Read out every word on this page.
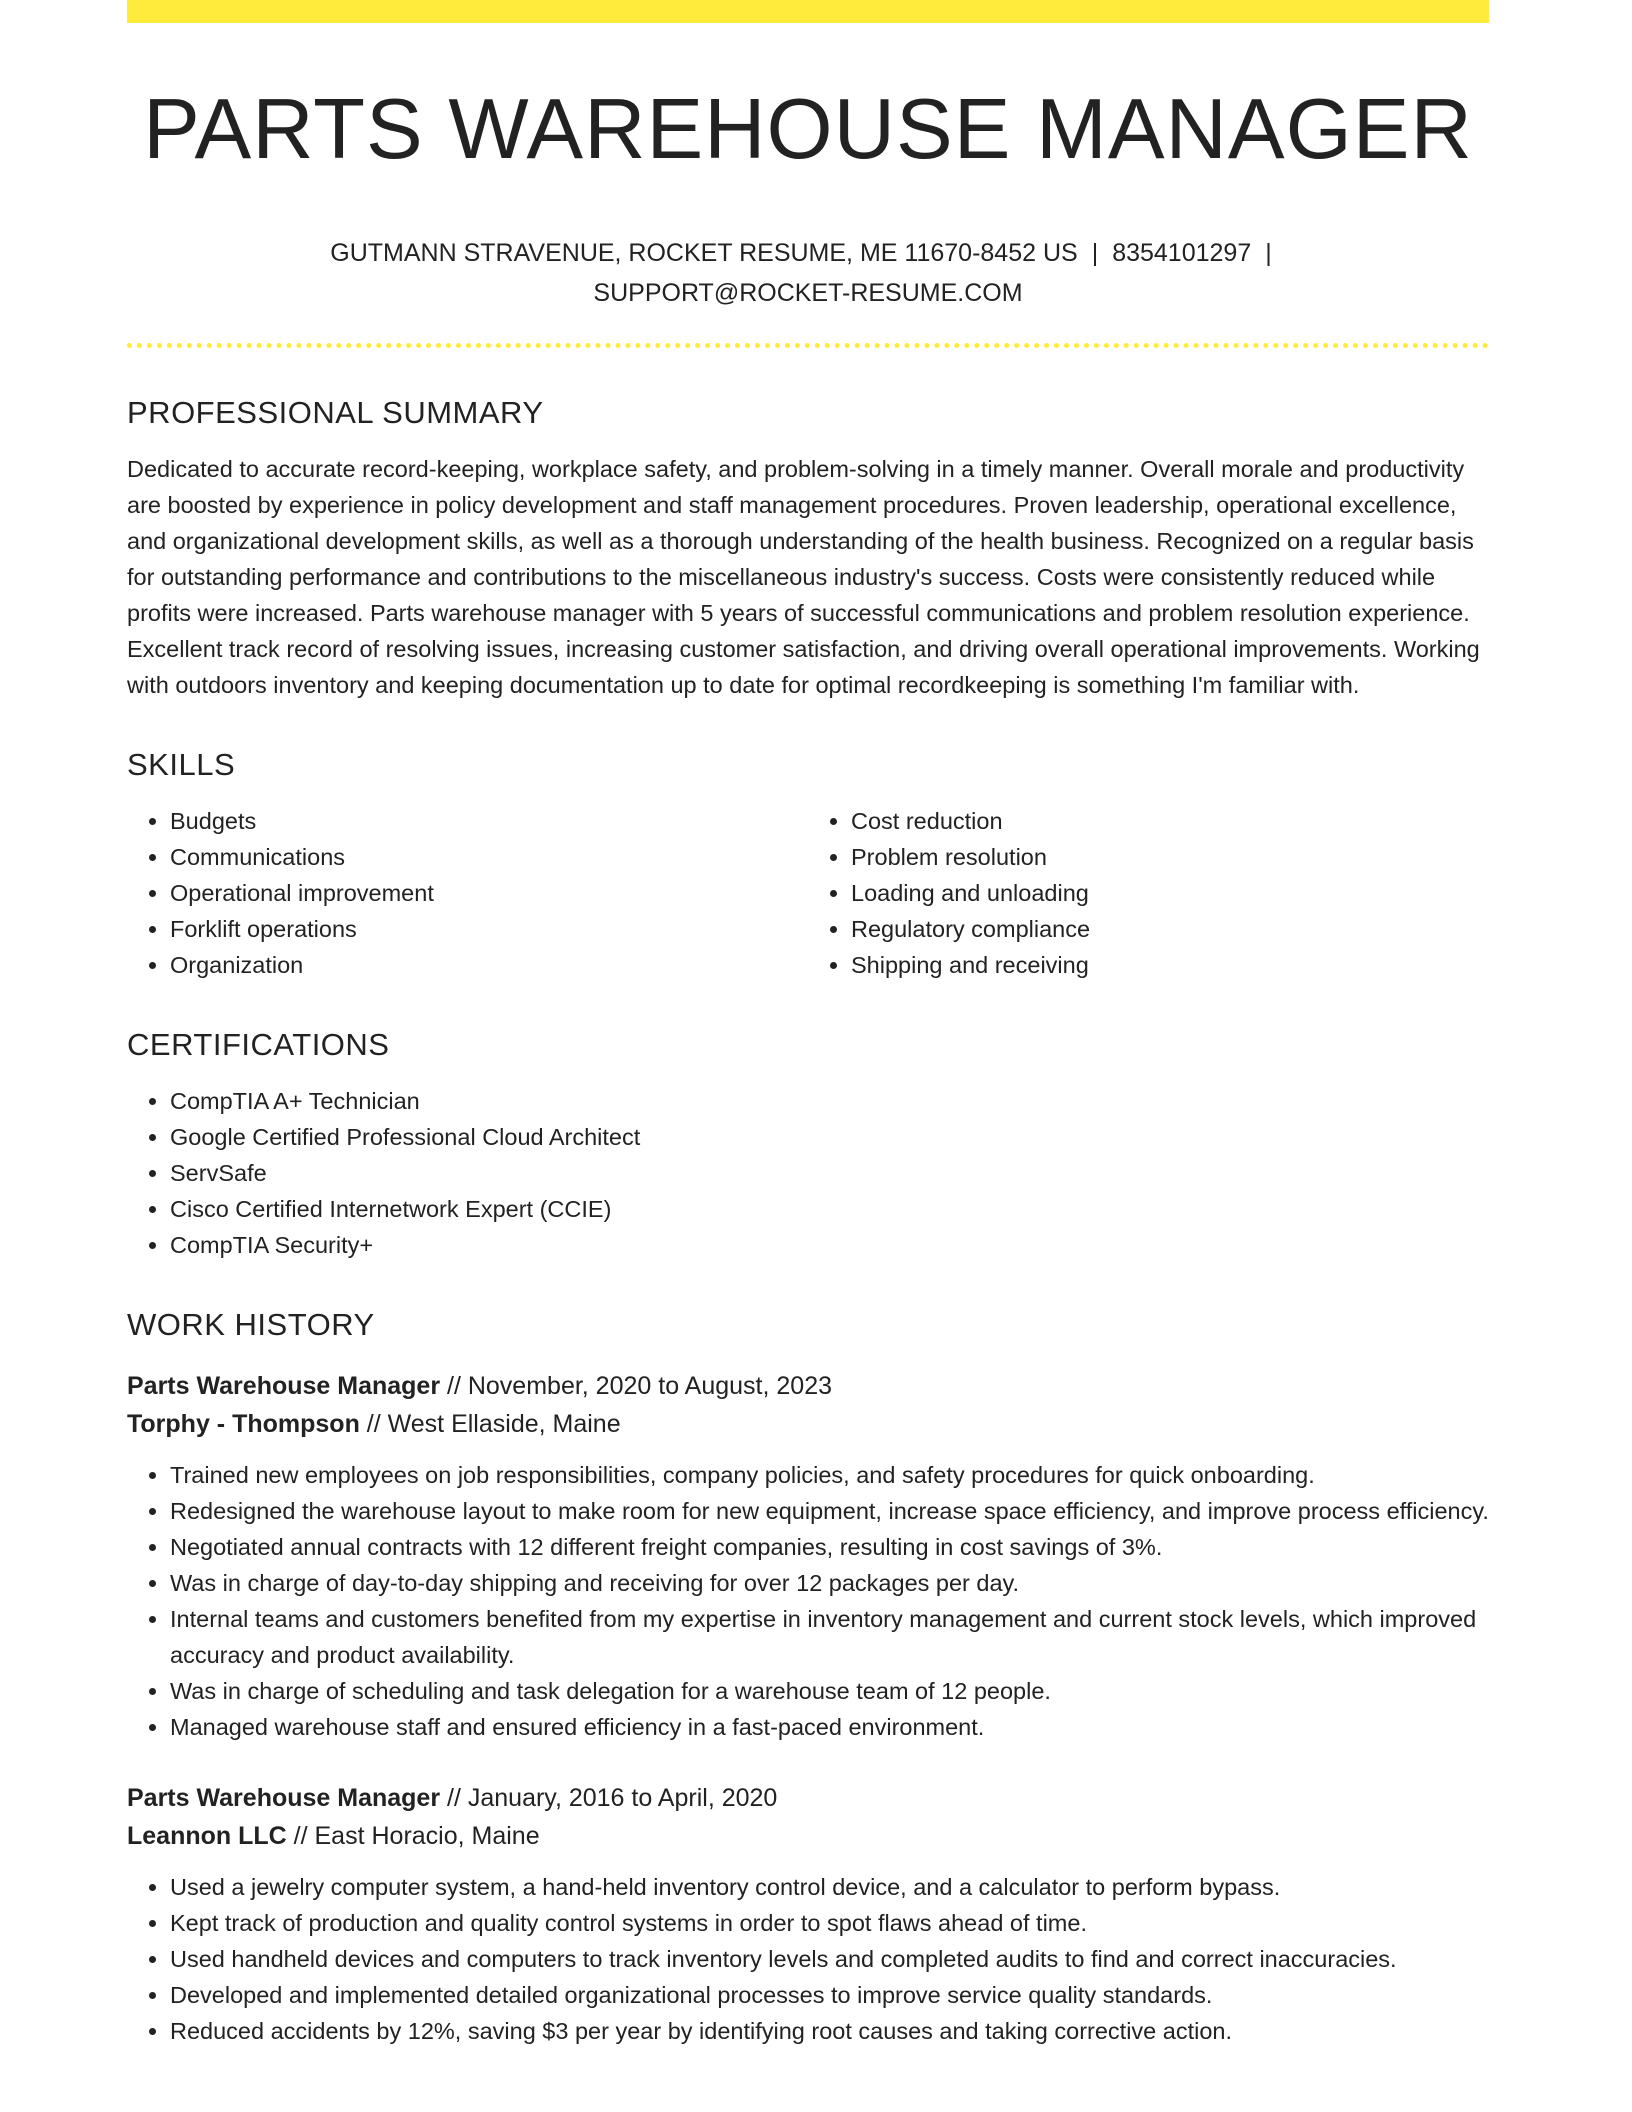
PARTS WAREHOUSE MANAGER
GUTMANN STRAVENUE, ROCKET RESUME, ME 11670-8452 US | 8354101297 |
SUPPORT@ROCKET-RESUME.COM
PROFESSIONAL SUMMARY

Dedicated to accurate record-keeping, workplace safety, and problem-solving in a timely manner. Overall morale and productivity are boosted by experience in policy development and staff management procedures. Proven leadership, operational excellence, and organizational development skills, as well as a thorough understanding of the health business. Recognized on a regular basis for outstanding performance and contributions to the miscellaneous industry's success. Costs were consistently reduced while profits were increased. Parts warehouse manager with 5 years of successful communications and problem resolution experience. Excellent track record of resolving issues, increasing customer satisfaction, and driving overall operational improvements. Working with outdoors inventory and keeping documentation up to date for optimal recordkeeping is something I'm familiar with.

SKILLS
• Budgets
• Communications
• Operational improvement
• Forklift operations
• Organization
• Cost reduction
• Problem resolution
• Loading and unloading
• Regulatory compliance
• Shipping and receiving
CERTIFICATIONS
• CompTIA A+ Technician
• Google Certified Professional Cloud Architect
• ServSafe
• Cisco Certified Internetwork Expert (CCIE)
• CompTIA Security+
WORK HISTORY
Parts Warehouse Manager // November, 2020 to August, 2023
Torphy - Thompson // West Ellaside, Maine
• Trained new employees on job responsibilities, company policies, and safety procedures for quick onboarding.
• Redesigned the warehouse layout to make room for new equipment, increase space efficiency, and improve process efficiency.
• Negotiated annual contracts with 12 different freight companies, resulting in cost savings of 3%.
• Was in charge of day-to-day shipping and receiving for over 12 packages per day.
• Internal teams and customers benefited from my expertise in inventory management and current stock levels, which improved accuracy and product availability.
• Was in charge of scheduling and task delegation for a warehouse team of 12 people.
• Managed warehouse staff and ensured efficiency in a fast-paced environment.
Parts Warehouse Manager // January, 2016 to April, 2020
Leannon LLC // East Horacio, Maine
• Used a jewelry computer system, a hand-held inventory control device, and a calculator to perform bypass.
• Kept track of production and quality control systems in order to spot flaws ahead of time.
• Used handheld devices and computers to track inventory levels and completed audits to find and correct inaccuracies.
• Developed and implemented detailed organizational processes to improve service quality standards.
• Reduced accidents by 12%, saving $3 per year by identifying root causes and taking corrective action.
